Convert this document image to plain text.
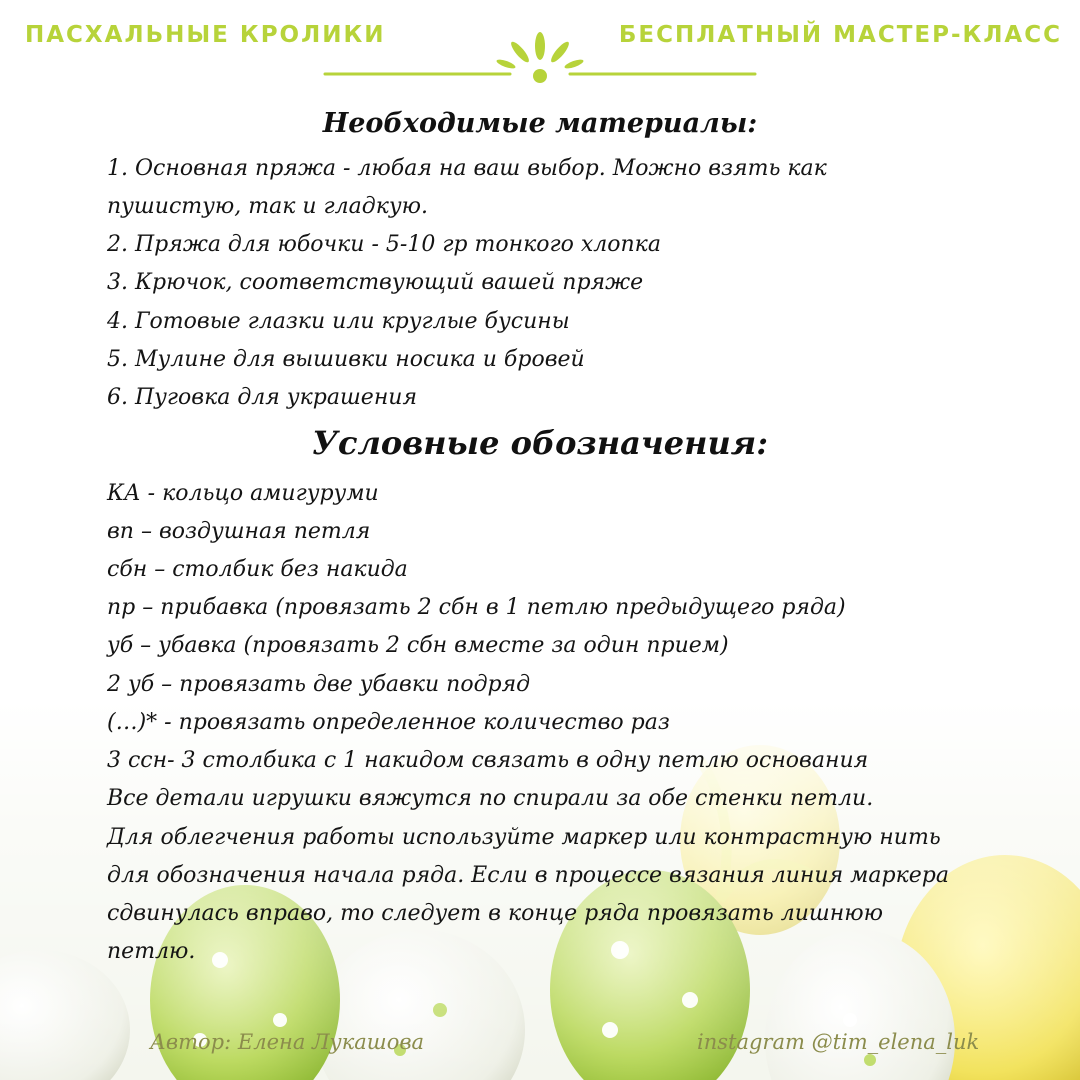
ПАСХАЛЬНЫЕ КРОЛИКИ	БЕСПЛАТНЫЙ МАСТЕР-КЛАСС
Необходимые материалы:
1. Основная пряжа - любая на ваш выбор. Можно взять как
пушистую, так и гладкую.
2. Пряжа для юбочки - 5-10 гр тонкого хлопка
3. Крючок, соответствующий вашей пряже
4. Готовые глазки или круглые бусины
5. Мулине для вышивки носика и бровей
6. Пуговка для украшения
Условные обозначения:
КА - кольцо амигуруми
вп – воздушная петля
сбн – столбик без накида
пр – прибавка (провязать 2 сбн в 1 петлю предыдущего ряда)
уб – убавка (провязать 2 сбн вместе за один прием)
2 уб – провязать две убавки подряд
(…)* - провязать определенное количество раз
3 ссн- 3 столбика с 1 накидом связать в одну петлю основания
Все детали игрушки вяжутся по спирали за обе стенки петли.
Для облегчения работы используйте маркер или контрастную нить
для обозначения начала ряда. Если в процессе вязания линия маркера
сдвинулась вправо, то следует в конце ряда провязать лишнюю
петлю.
Автор: Елена Лукашова	instagram @tim_elena_luk
